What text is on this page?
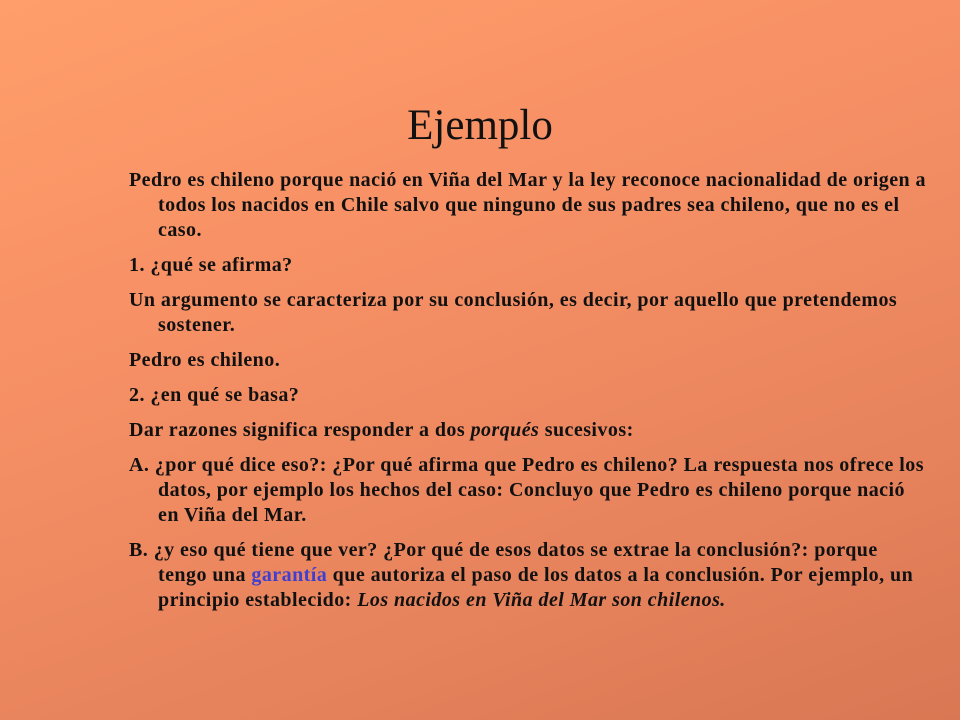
Ejemplo

Pedro es chileno porque nació en Viña del Mar y la ley reconoce nacionalidad de origen a todos los nacidos en Chile salvo que ninguno de sus padres sea chileno, que no es el caso.

1. ¿qué se afirma?

Un argumento se caracteriza por su conclusión, es decir, por aquello que pretendemos sostener.

Pedro es chileno.

2. ¿en qué se basa?

Dar razones significa responder a dos porqués sucesivos:

A. ¿por qué dice eso?: ¿Por qué afirma que Pedro es chileno? La respuesta nos ofrece los datos, por ejemplo los hechos del caso: Concluyo que Pedro es chileno porque nació en Viña del Mar.

B. ¿y eso qué tiene que ver? ¿Por qué de esos datos se extrae la conclusión?: porque tengo una garantía que autoriza el paso de los datos a la conclusión. Por ejemplo, un principio establecido: Los nacidos en Viña del Mar son chilenos.
